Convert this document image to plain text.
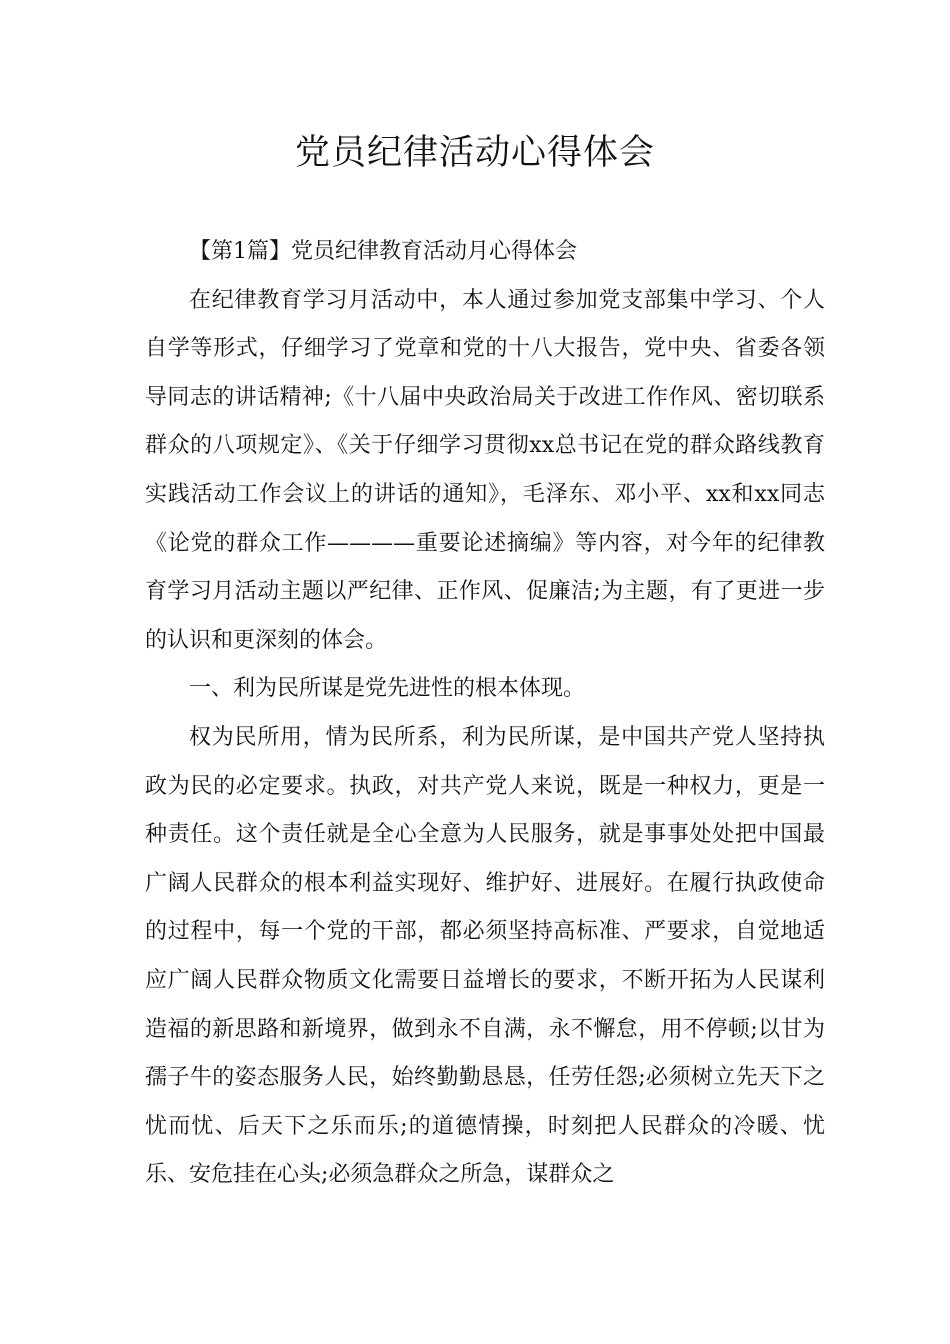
党员纪律活动心得体会

【第1篇】党员纪律教育活动月心得体会

在纪律教育学习月活动中，本人通过参加党支部集中学习、个人自学等形式，仔细学习了党章和党的十八大报告，党中央、省委各领导同志的讲话精神;《十八届中央政治局关于改进工作作风、密切联系群众的八项规定》、《关于仔细学习贯彻xx总书记在党的群众路线教育实践活动工作会议上的讲话的通知》，毛泽东、邓小平、xx和xx同志《论党的群众工作————重要论述摘编》等内容，对今年的纪律教育学习月活动主题以严纪律、正作风、促廉洁;为主题，有了更进一步的认识和更深刻的体会。

一、利为民所谋是党先进性的根本体现。

权为民所用，情为民所系，利为民所谋，是中国共产党人坚持执政为民的必定要求。执政，对共产党人来说，既是一种权力，更是一种责任。这个责任就是全心全意为人民服务，就是事事处处把中国最广阔人民群众的根本利益实现好、维护好、进展好。在履行执政使命的过程中，每一个党的干部，都必须坚持高标准、严要求，自觉地适应广阔人民群众物质文化需要日益增长的要求，不断开拓为人民谋利造福的新思路和新境界，做到永不自满，永不懈怠，用不停顿;以甘为孺子牛的姿态服务人民，始终勤勤恳恳，任劳任怨;必须树立先天下之忧而忧、后天下之乐而乐;的道德情操，时刻把人民群众的冷暖、忧乐、安危挂在心头;必须急群众之所急，谋群众之
